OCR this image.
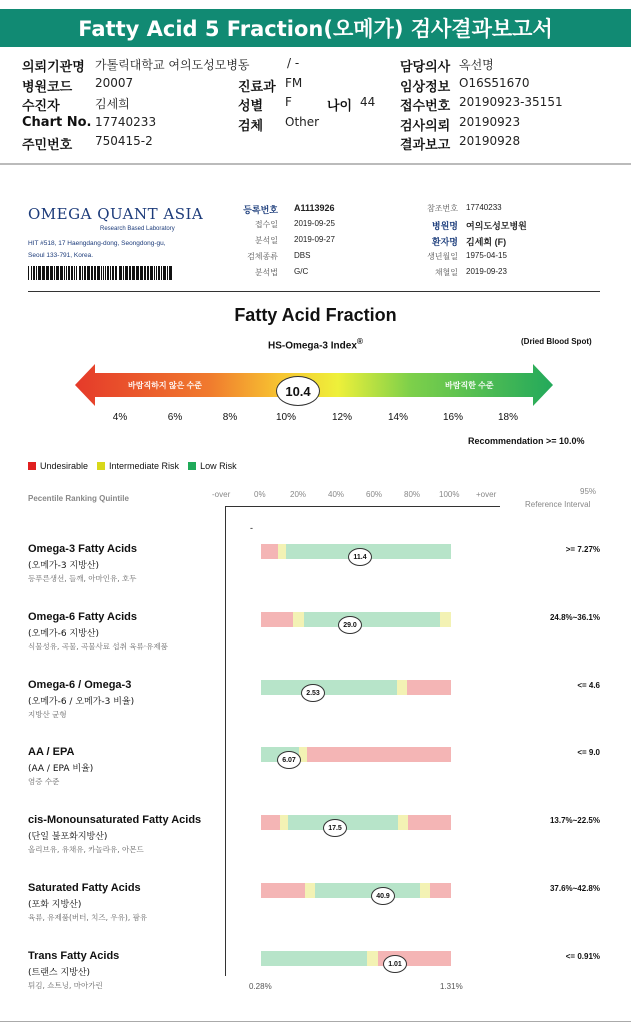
Fatty Acid 5 Fraction(오메가) 검사결과보고서
의뢰기관명 가톨릭대학교 여의도성모병동
병원코드 20007
수진자	김세희
Chart No. 17740233
주민번호 750415-2
/ -
진료과 FM
성별 F	나이 44
검체 Other
담당의사 옥선명
임상정보 O16S51670
접수번호 20190923-35151
검사의뢰 20190923
결과보고 20190928
OMEGA QUANT ASIA
Research Based Laboratory
HIT #518, 17 Haengdang-dong, Seongdong-gu,
Seoul 133-791, Korea.
등록번호 A1113926
접수일 2019-09-25
분석일 2019-09-27
검체종류 DBS
분석법 G/C
참조번호 17740233
병원명 여의도성모병원
환자명 김세희 (F)
생년월일 1975-04-15
채혈일 2019-09-23
Fatty Acid Fraction
HS-Omega-3 Index®	(Dried Blood Spot)
바람직하지 않은 수준	바람직한 수준
10.4
4%	6%	8%	10%	12%	14%	16%	18%
Recommendation >= 10.0%
Undesirable Intermediate Risk Low Risk
Pecentile Ranking Quintile	-over	0%	20%	40%	60%	80% 100% +over	95%
Reference Interval
-
Omega-3 Fatty Acids
(오메가-3 지방산)
등푸른생선, 들깨, 아마인유, 호두
>= 7.27%
11.4
Omega-6 Fatty Acids
(오메가-6 지방산)
식물성유, 곡물, 곡물사료 섭취 육류·유제품
24.8%~36.1%
29.0
Omega-6 / Omega-3
(오메가-6 / 오메가-3 비율)
지방산 균형
<= 4.6
2.53
AA / EPA
(AA / EPA 비율)
염증 수준
<= 9.0
6.07
cis-Monounsaturated Fatty Acids
(단일 불포화지방산)
올리브유, 유채유, 카놀라유, 아몬드
13.7%~22.5%
17.5
Saturated Fatty Acids
(포화 지방산)
육류, 유제품(버터, 치즈, 우유), 팜유
37.6%~42.8%
40.9
Trans Fatty Acids
(트랜스 지방산)
튀김, 쇼트닝, 마아가린
<= 0.91%
1.01
0.28%	1.31%
